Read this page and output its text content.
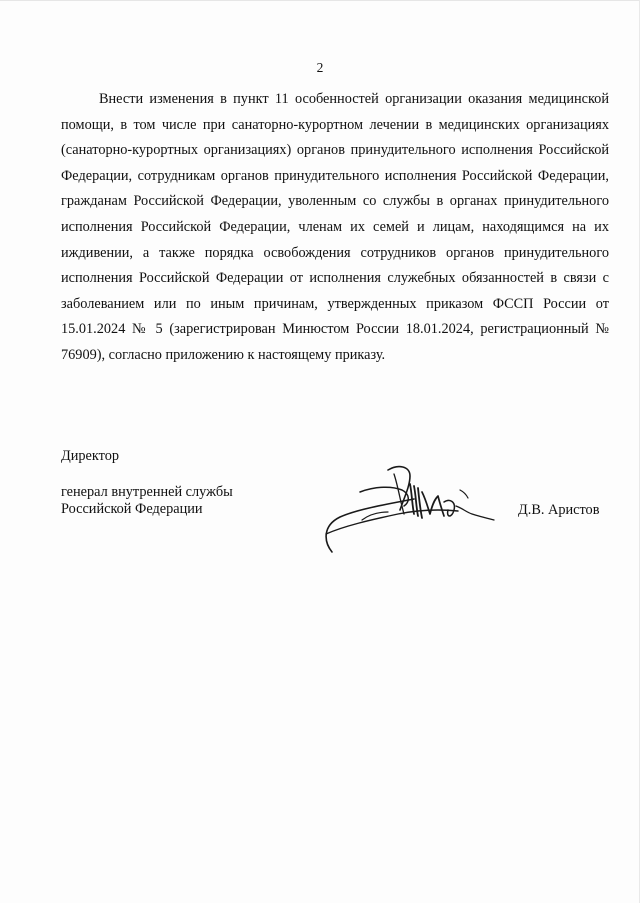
2

Внести изменения в пункт 11 особенностей организации оказания медицинской помощи, в том числе при санаторно-курортном лечении в медицинских организациях (санаторно-курортных организациях) органов принудительного исполнения Российской Федерации, сотрудникам органов принудительного исполнения Российской Федерации, гражданам Российской Федерации, уволенным со службы в органах принудительного исполнения Российской Федерации, членам их семей и лицам, находящимся на их иждивении, а также порядка освобождения сотрудников органов принудительного исполнения Российской Федерации от исполнения служебных обязанностей в связи с заболеванием или по иным причинам, утвержденных приказом ФССП России от 15.01.2024 № 5 (зарегистрирован Минюстом России 18.01.2024, регистрационный № 76909), согласно приложению к настоящему приказу.

Директор
генерал внутренней службы
Российской Федерации	Д.В. Аристов
